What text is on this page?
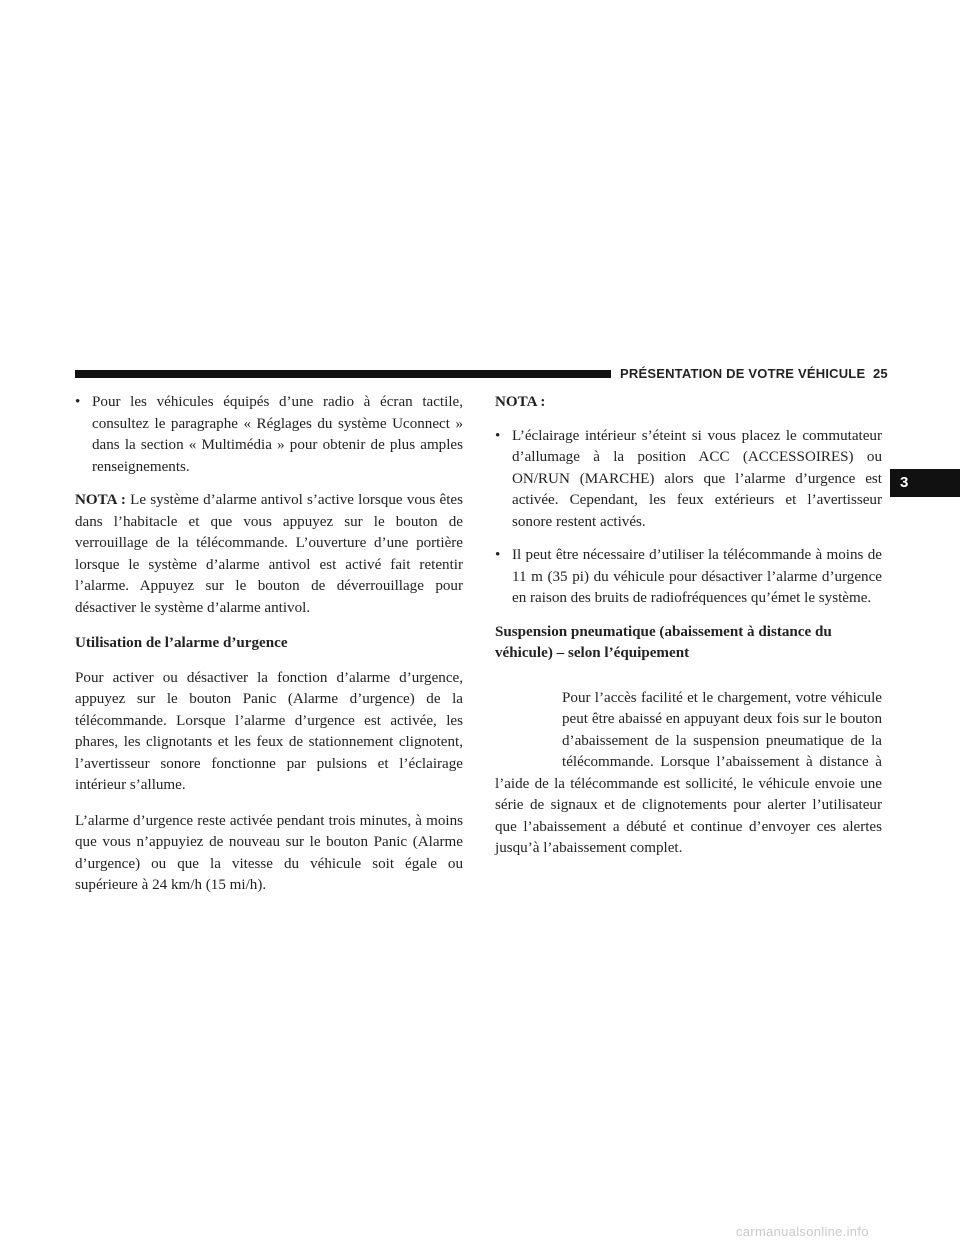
PRÉSENTATION DE VOTRE VÉHICULE 25
3
• Pour les véhicules équipés d’une radio à écran tactile, consultez le paragraphe « Réglages du système Uconnect » dans la section « Multimédia » pour obtenir de plus amples renseignements.

NOTA : Le système d’alarme antivol s’active lorsque vous êtes dans l’habitacle et que vous appuyez sur le bouton de verrouillage de la télécommande. L’ouverture d’une portière lorsque le système d’alarme antivol est activé fait retentir l’alarme. Appuyez sur le bouton de déverrouillage pour désactiver le système d’alarme antivol.

Utilisation de l’alarme d’urgence

Pour activer ou désactiver la fonction d’alarme d’urgence, appuyez sur le bouton Panic (Alarme d’urgence) de la télécommande. Lorsque l’alarme d’urgence est activée, les phares, les clignotants et les feux de stationnement clignotent, l’avertisseur sonore fonctionne par pulsions et l’éclairage intérieur s’allume.

L’alarme d’urgence reste activée pendant trois minutes, à moins que vous n’appuyiez de nouveau sur le bouton Panic (Alarme d’urgence) ou que la vitesse du véhicule soit égale ou supérieure à 24 km/h (15 mi/h).

NOTA :
• L’éclairage intérieur s’éteint si vous placez le commutateur d’allumage à la position ACC (ACCESSOIRES) ou ON/RUN (MARCHE) alors que l’alarme d’urgence est activée. Cependant, les feux extérieurs et l’avertisseur sonore restent activés.
• Il peut être nécessaire d’utiliser la télécommande à moins de 11 m (35 pi) du véhicule pour désactiver l’alarme d’urgence en raison des bruits de radiofréquences qu’émet le système.
Suspension pneumatique (abaissement à distance du véhicule) – selon l’équipement
Pour l’accès facilité et le chargement, votre véhicule peut être abaissé en appuyant deux fois sur le bouton d’abaissement de la suspension pneumatique de la télécommande. Lorsque l’abaissement à distance à l’aide de la télécommande est sollicité, le véhicule envoie une série de signaux et de clignotements pour alerter l’utilisateur que l’abaissement a débuté et continue d’envoyer ces alertes jusqu’à l’abaissement complet.
carmanualsonline.info
